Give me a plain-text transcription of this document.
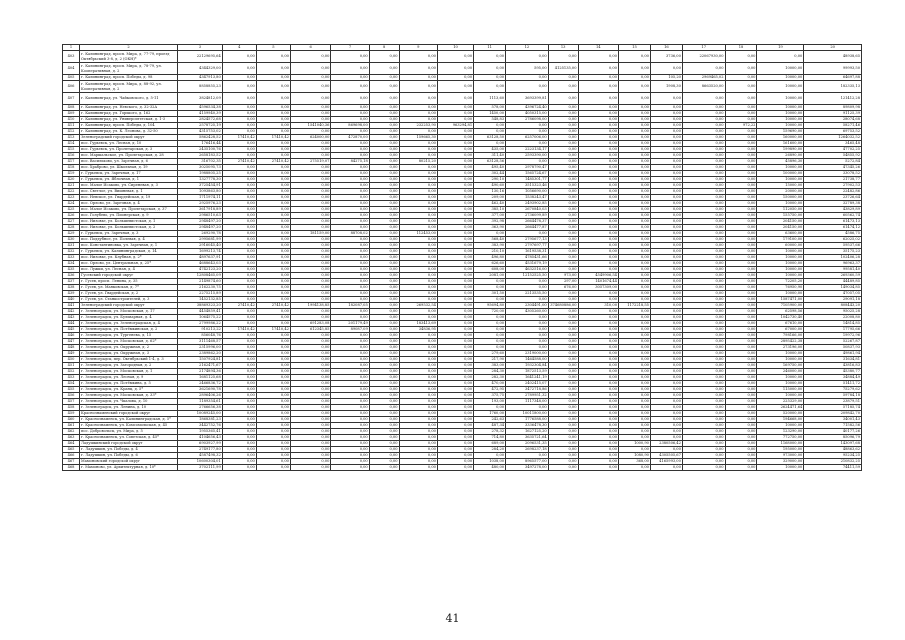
1	2	3	4	5	6	7	8	9	10	11	12	13	14	15	16	17	18	19	20
403	г. Калининград, просп. Мира, д. 77-79, проезд Октябрьский 3-8, д. 2 (ОКН)*	22129695,64	0,00	0,00	0,00	0,00	0,00	0,00	0,00	0,00	0,00	0,00	0,00	0,00	3736,00	22067930,00	0,00	0,00	48938,65
404	г. Калининград, просп. Мира, д. 78-79, ул. Кооперативная, д. 2	4344329,00	0,00	0,00	0,00	0,00	0,00	0,00	0,00	0,00	595,00	4125135,00	0,00	0,00	0,00	0,00	0,00	10000,00	99993,50
405	г. Калининград, просп. Победы, д. 98	4347913,80	0,00	0,00	0,00	0,00	0,00	0,00	0,00	0,00	0,00	0,00	0,00	0,00	105,20	2969465,02	0,00	10000,00	64697,88
406	г. Калининград, просп. Мира, д. 88-92, ул. Кооперативная, д. 2	8858855,23	0,00	0,00	0,00	0,00	0,00	0,00	0,00	0,00	0,00	0,00	0,00	0,00	1908,30	8663520,00	0,00	10000,00	182335,13
407	г. Калининград, ул. Чайковского, д. 5-11	3824812,09	0,00	0,00	0,00	0,00	0,00	0,00	0,00	1113,60	3693399,81	0,00	0,00	0,00	0,00	0,00	0,00	10000,00	121412,28
408	г. Калининград, ул. Невского, д. 32-32А	4596534,38	0,00	0,00	0,00	0,00	0,00	0,00	0,00	578,00	4396724,40	0,00	0,00	0,00	0,00	0,00	0,00	10000,00	89809,98
409	г. Калининград, ул. Горького, д. 162	4159940,39	0,00	0,00	0,00	0,00	0,00	0,00	0,00	1450,00	4050315,00	0,00	0,00	0,00	0,00	0,00	0,00	10000,00	91125,39
410	г. Калининград, ул. Университетская, д. 1-3	2824572,68	0,00	0,00	0,00	0,00	0,00	0,00	0,00	548,83	2786098,00	0,00	0,00	0,00	0,00	0,00	0,00	10000,00	28074,68
411	г. Калининград, просп. Победы, д. 104	2578725,19	0,00	0,00	1541040,36	869698,00	0,00	232253,90	963294,81	0,00	0,00	0,00	0,00	0,00	0,00	0,00	972,22	10000,00	58271,46
412	г. Калининград, ул. К. Леонова, д. 32-50	4315753,02	0,00	0,00	0,00	0,00	0,00	0,00	0,00	0,00	0,00	0,00	0,00	0,00	0,00	0,00	0,00	159690,00	69753,52
413	Зеленоградский городской округ	5862428,52	17410,42	17410,42	624000,00	472870,00	0,00	159665,30	0,00	63128,50	6257006,00	0,00	0,00	0,00	0,00	0,00	0,00	160000,00	1264032,52
414	пос. Гурьевск, ул. Лесная, д. 10	176416,44	0,00	0,00	0,00	0,00	0,00	0,00	0,00	0,00	0,00	0,00	0,00	0,00	0,00	0,00	0,00	161600,00	3465,48
415	пос. Гурьевск, ул. Пролетарская, д. 3	2435100,76	0,00	0,00	0,00	0,00	0,00	0,00	0,00	435,00	2223134,17	0,00	0,00	0,00	0,00	0,00	0,00	199890,00	47702,25
416	пос. Маршальское, ул. Пролетарская, д. 28	2658183,52	0,00	0,00	0,00	0,00	0,00	0,00	0,00	311,40	2593390,00	0,00	0,00	0,00	0,00	0,00	0,00	26890,00	54855,92
417	пос. Васильково, ул. Заречная, д. 6	316702,35	27410,42	27410,42	275519,07	84275,18	0,00	80215,20	0,00	63128,56	0,00	0,00	0,00	0,00	0,00	0,00	0,00	45896,30	5272,84
418	пос. Храброво, ул. Школьная, д. 19	3025095,73	0,00	0,00	0,00	0,00	0,00	0,00	0,00	495,40	2978790,47	0,00	0,00	0,00	0,00	0,00	0,00	10000,00	47345,26
419	г. Гурьевск, ул. Заречная, д. 17	1988805,25	0,00	0,00	0,00	0,00	0,00	0,00	0,00	302,44	1565724,67	0,00	0,00	0,00	0,00	0,00	0,00	100000,00	33078,52
420	г. Гурьевск, ул. Яблочная, д. 1	1327778,30	0,00	0,00	0,00	0,00	0,00	0,00	0,00	290,10	1485301,77	0,00	0,00	0,00	0,00	0,00	0,00	10000,00	21738,77
421	пос. Малое Исаково, ул. Сиреневая, д. 3	3725454,91	0,00	0,00	0,00	0,00	0,00	0,00	0,00	490,60	3515323,46	0,00	0,00	0,00	0,00	0,00	0,00	15000,00	27902,53
422	пос. Светлое, ул. Вишневая, д. 1	1093863,80	0,00	0,00	0,00	0,00	0,00	0,00	0,00	130,16	1056690,00	0,00	0,00	0,00	0,00	0,00	0,00	20000,00	22482,86
423	пос. Невское, ул. Гвардейская, д. 19	1711974,11	0,00	0,00	0,00	0,00	0,00	0,00	0,00	209,00	1538243,47	0,00	0,00	0,00	0,00	0,00	0,00	150000,00	23726,64
424	пос. Орлово, ул. Заречная, д. 4	2925976,23	0,00	0,00	0,00	0,00	0,00	0,00	0,00	462,40	2493902,85	0,00	0,00	0,00	0,00	0,00	0,00	10000,00	32789,38
425	пос. Малое Исаково, ул. Пролетарская, д. 37	3617918,89	0,00	0,00	0,00	0,00	0,00	0,00	0,00	385,10	2670840,03	0,00	0,00	0,00	0,00	0,00	0,00	112050,00	43829,89
426	пос. Голубево, ул. Пионерская, д. 9	2986510,63	0,00	0,00	0,00	0,00	0,00	0,00	0,00	377,00	2736099,89	0,00	0,00	0,00	0,00	0,00	0,00	155750,00	60562,74
427	пос. Низовье, ул. Большевистская, д. 1	2948497,20	0,00	0,00	0,00	0,00	0,00	0,00	0,00	392,98	2664478,37	0,00	0,00	0,00	0,00	0,00	0,00	204150,00	61473,13
428	пос. Низовье, ул. Большевистская, д. 2	2948497,20	0,00	0,00	0,00	0,00	0,00	0,00	0,00	363,90	2664477,87	0,00	0,00	0,00	0,00	0,00	0,00	204150,00	61474,12
429	г. Гурьевск, ул. Заречная, д. 3	269290,78	0,00	0,00	181159,00	88708,02	0,00	112453,00	0,00	0,00	0,00	0,00	0,00	0,00	0,00	0,00	0,00	63600,00	4586,75
430	пос. Поддубное, ул. Полевая, д. 4	2995681,99	0,00	0,00	0,00	0,00	0,00	0,00	0,00	568,40	2795677,13	0,00	0,00	0,00	0,00	0,00	0,00	179100,00	62025,02
431	пос. Константиновка, ул. Заречная, д. 1	2916045,40	0,00	0,00	0,00	0,00	0,00	0,00	0,00	383,90	2797697,77	0,00	0,00	0,00	0,00	0,00	0,00	60000,00	59537,66
432	г. Гурьевск, ул. Калининградская, д. 14	1699213,74	0,00	0,00	0,00	0,00	0,00	0,00	0,00	210,10	1619538,31	0,00	0,00	0,00	0,00	0,00	0,00	10000,00	35175,23
433	пос. Низовье, ул. Клубная, д. 2*	4897637,91	0,00	0,00	0,00	0,00	0,00	0,00	0,00	496,80	4785431,66	0,00	0,00	0,00	0,00	0,00	0,00	10000,00	102406,28
434	пос. Орлово, ул. Центральная, д. 25*	4688643,03	0,00	0,00	0,00	0,00	0,00	0,00	0,00	626,60	4531679,19	0,00	0,00	0,00	0,00	0,00	0,00	10000,00	96963,37
435	пос. Лужки, ул. Лесная, д. 4	4742123,20	0,00	0,00	0,00	0,00	0,00	0,00	0,00	608,00	4632516,00	0,00	0,00	0,00	0,00	0,00	0,00	10000,00	99581,40
436	Гусевский городской округ	12808465,09	0,00	0,00	0,00	0,00	0,00	0,00	0,00	2081,00	12152525,50	973,00	4549906,54	0,00	0,00	0,00	0,00	10000,00	269360,59
437	г. Гусев, просп. Ленина, д. 35	2149874,60	0,00	0,00	0,00	0,00	0,00	0,00	0,00	0,00	0,00	297,00	1401674,44	0,00	0,00	0,00	0,00	72205,20	44489,85
438	г. Гусев, ул. Маяковская, д. 7*	2162230,75	0,00	0,00	0,00	0,00	0,00	0,00	0,00	0,00	0,00	676,00	3057309,00	0,00	0,00	0,00	0,00	76950,90	149034,85
439	г. Гусев, ул. Гвардейская, д. 2	2275215,89	0,00	0,00	0,00	0,00	0,00	0,00	0,00	301,50	2213535,50	0,00	0,00	0,00	0,00	0,00	0,00	10000,00	47057,05
440	г. Гусев, ул. Станкостроителей, д. 3	1452132,85	0,00	0,00	0,00	0,00	0,00	0,00	0,00	0,00	0,00	0,00	0,00	0,00	0,00	0,00	0,00	1587471,00	29091,18
441	Зеленоградский городской округ	38869323,20	27410,42	27410,42	1994138,85	182087,05	0,00	269532,54	0,00	95694,80	2304491,00	374680886,00	310,00	1172218,55	0,00	0,00	0,00	7105900,00	808443,20
442	г. Зеленоградск, ул. Московская, д. 17	4454859,41	0,00	0,00	0,00	0,00	0,00	0,00	0,00	720,00	4305260,00	0,00	0,00	0,00	0,00	0,00	0,00	62598,56	95025,28
443	г. Зеленоградск, ул. Бульварная, д. 4	1064575,22	0,00	0,00	0,00	0,00	0,00	0,00	0,00	0,00	0,00	0,00	0,00	0,00	0,00	0,00	0,00	1042730,40	22008,80
444	г. Зеленоградск, ул. Зеленоградская, д. 4	2799986,22	0,00	0,00	691283,08	201179,49	0,00	183413,69	0,00	0,00	0,00	0,00	0,00	0,00	0,00	0,00	0,00	67610,00	14814,85
445	г. Зеленоградск, ул. Потёмкинская, д. 2	910213,22	17410,42	17410,42	612345,85	89087,09	0,00	34836,95	0,00	0,00	0,00	0,00	0,00	0,00	0,00	0,00	0,00	67000,00	17795,66
446	г. Зеленоградск, ул. Тургенева, д. 15	856048,76	0,00	0,00	0,00	0,00	0,00	0,00	0,00	0,00	0,00	0,00	0,00	0,00	0,00	0,00	0,00	798166,00	19972,96
447	г. Зеленоградск, ул. Московская, д. 62*	3111468,57	0,00	0,00	0,00	0,00	0,00	0,00	0,00	0,00	0,00	0,00	0,00	0,00	0,00	0,00	0,00	2895422,38	52267,87
448	г. Зеленоградск, ул. Окружная, д. 2	2315996,00	0,00	0,00	0,00	0,00	0,00	0,00	0,00	0,00	0,00	0,00	0,00	0,00	0,00	0,00	0,00	273196,00	50837,93
449	г. Зеленоградск, ул. Окружная, д. 3	2389862,20	0,00	0,00	0,00	0,00	0,00	0,00	0,00	279,60	2319000,00	0,00	0,00	0,00	0,00	0,00	0,00	10000,00	49861,94
450	г. Зеленоградск, пер. Октябрьский 1-4, д. 3	1507924,81	0,00	0,00	0,00	0,00	0,00	0,00	0,00	217,90	1464588,00	0,00	0,00	0,00	0,00	0,00	0,00	10000,00	31634,81
451	г. Зеленоградск, ул. Загородная, д. 2	2162471,67	0,00	0,00	0,00	0,00	0,00	0,00	0,00	383,00	1932304,84	0,00	0,00	0,00	0,00	0,00	0,00	169750,00	43816,83
452	г. Зеленоградск, ул. Московская, д. 1	2174894,36	0,00	0,00	0,00	0,00	0,00	0,00	0,00	284,30	1872513,59	0,00	0,00	0,00	0,00	0,00	0,00	246000,00	45380,77
453	г. Зеленоградск, ул. Лесная, д. 9	1681125,68	0,00	0,00	0,00	0,00	0,00	0,00	0,00	282,30	1641241,19	0,00	0,00	0,00	0,00	0,00	0,00	10000,00	34884,49
454	г. Зеленоградск, ул. Потёмкина, д. 5	2466836,72	0,00	0,00	0,00	0,00	0,00	0,00	0,00	470,00	2402415,07	0,00	0,00	0,00	0,00	0,00	0,00	10000,00	51411,72
455	г. Зеленоградск, ул. Кранц, д. 5*	3621690,78	0,00	0,00	0,00	0,00	0,00	0,00	0,00	472,95	3472718,86	0,00	0,00	0,00	0,00	0,00	0,00	115000,00	75279,62
456	г. Зеленоградск, ул. Московская, д. 33*	2896406,26	0,00	0,00	0,00	0,00	0,00	0,00	0,00	375,75	2789951,32	0,00	0,00	0,00	0,00	0,00	0,00	10000,00	59784,18
457	г. Зеленоградск, ул. Чкалова, д. 10	1189354,61	0,00	0,00	0,00	0,00	0,00	0,00	0,00	193,00	1117348,00	0,00	0,00	0,00	0,00	0,00	0,00	225329,00	23879,51
458	г. Зеленоградск, ул. Ленина, д. 10	2766656,38	0,00	0,00	0,00	0,00	0,00	0,00	0,00	0,00	0,00	0,00	0,00	0,00	0,00	0,00	0,00	2624471,64	57185,74
459	Краснознаменский городской округ	10089245,00	0,00	0,00	0,00	0,00	0,00	0,00	0,00	1760,00	10011800,00	0,00	0,00	0,00	0,00	0,00	0,00	520000,00	209842,70
460	г. Краснознаменск, ул. Калининградская, д. 5*	1868381,23	0,00	0,00	0,00	0,00	0,00	0,00	0,00	242,63	1776588,00	0,00	0,00	0,00	0,00	0,00	0,00	194668,00	34001,43
461	г. Краснознаменск, ул. Комсомольская, д. 45	3442752,76	0,00	0,00	0,00	0,00	0,00	0,00	0,00	487,34	3336478,30	0,00	0,00	0,00	0,00	0,00	0,00	10000,00	71582,56
462	пос. Добровольск, ул. Мира, д. 5	1955365,41	0,00	0,00	0,00	0,00	0,00	0,00	0,00	278,32	1627125,20	0,00	0,00	0,00	0,00	0,00	0,00	123290,00	40177,26
463	г. Краснознаменск, ул. Советская, д. 45*	4104656,43	0,00	0,00	0,00	0,00	0,00	0,00	0,00	714,80	3635721,64	0,00	0,00	0,00	0,00	0,00	0,00	772750,00	85096,79
464	Ладушкинский городской округ	6903927,99	0,00	0,00	0,00	0,00	0,00	0,00	0,00	689,00	2096531,35	0,00	0,00	1000,90	2380506,42	0,00	0,00	1168000,00	143097,68
465	г. Ладушкин, ул. Победы, д. 4	2749177,80	0,00	0,00	0,00	0,00	0,00	0,00	0,00	284,20	2698237,18	0,00	0,00	0,00	0,00	0,00	0,00	195000,00	48863,62
466	г. Ладушкин, ул. Победы, д. 6	4587498,32	0,00	0,00	0,00	0,00	0,00	0,00	0,00	0,00	0,00	0,00	0,00	1080,90	4305505,67	0,00	0,00	973000,00	95234,25
467	Мамоновский городской округ	10600304,01	0,00	0,00	0,00	0,00	0,00	0,00	0,00	1038,00	8965577,00	0,00	0,00	368,00	4165993,00	0,00	0,00	329000,00	210832,25
468	г. Мамоново, ул. Архитектурная, д. 10*	3702111,99	0,00	0,00	0,00	0,00	0,00	0,00	0,00	480,00	3497278,00	0,00	0,00	0,00	0,00	0,00	0,00	10000,00	74411,59
41
